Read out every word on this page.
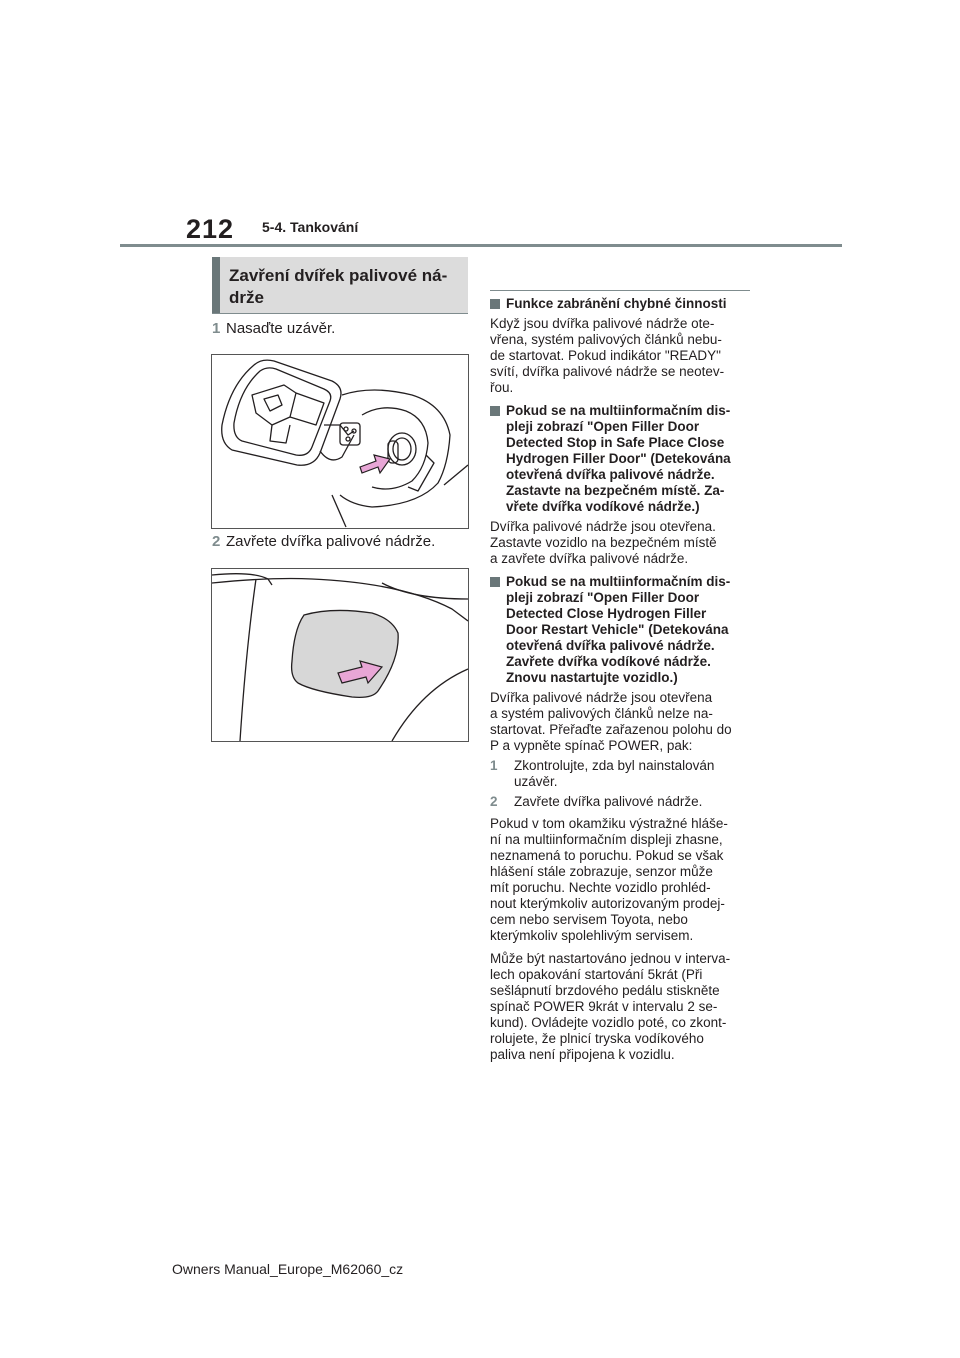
212 5-4. Tankování
Zavření dvířek palivové ná-
drže
1 Nasaďte uzávěr.
2 Zavřete dvířka palivové nádrže.

Funkce zabránění chybné činnosti

Když jsou dvířka palivové nádrže ote-
vřena, systém palivových článků nebu-
de startovat. Pokud indikátor "READY"
svítí, dvířka palivové nádrže se neotev-
řou.

Pokud se na multiinformačním dis-
pleji zobrazí "Open Filler Door
Detected Stop in Safe Place Close
Hydrogen Filler Door" (Detekována
otevřená dvířka palivové nádrže.
Zastavte na bezpečném místě. Za-
vřete dvířka vodíkové nádrže.)

Dvířka palivové nádrže jsou otevřena.
Zastavte vozidlo na bezpečném místě
a zavřete dvířka palivové nádrže.

Pokud se na multiinformačním dis-
pleji zobrazí "Open Filler Door
Detected Close Hydrogen Filler
Door Restart Vehicle" (Detekována
otevřená dvířka palivové nádrže.
Zavřete dvířka vodíkové nádrže.
Znovu nastartujte vozidlo.)

Dvířka palivové nádrže jsou otevřena
a systém palivových článků nelze na-
startovat. Přeřaďte zařazenou polohu do
P a vypněte spínač POWER, pak:

1 Zkontrolujte, zda byl nainstalován
uzávěr.

2 Zavřete dvířka palivové nádrže.

Pokud v tom okamžiku výstražné hláše-
ní na multiinformačním displeji zhasne,
neznamená to poruchu. Pokud se však
hlášení stále zobrazuje, senzor může
mít poruchu. Nechte vozidlo prohléd-
nout kterýmkoliv autorizovaným prodej-
cem nebo servisem Toyota, nebo
kterýmkoliv spolehlivým servisem.

Může být nastartováno jednou v interva-
lech opakování startování 5krát (Při
sešlápnutí brzdového pedálu stiskněte
spínač POWER 9krát v intervalu 2 se-
kund). Ovládejte vozidlo poté, co zkont-
rolujete, že plnicí tryska vodíkového
paliva není připojena k vozidlu.

Owners Manual_Europe_M62060_cz
